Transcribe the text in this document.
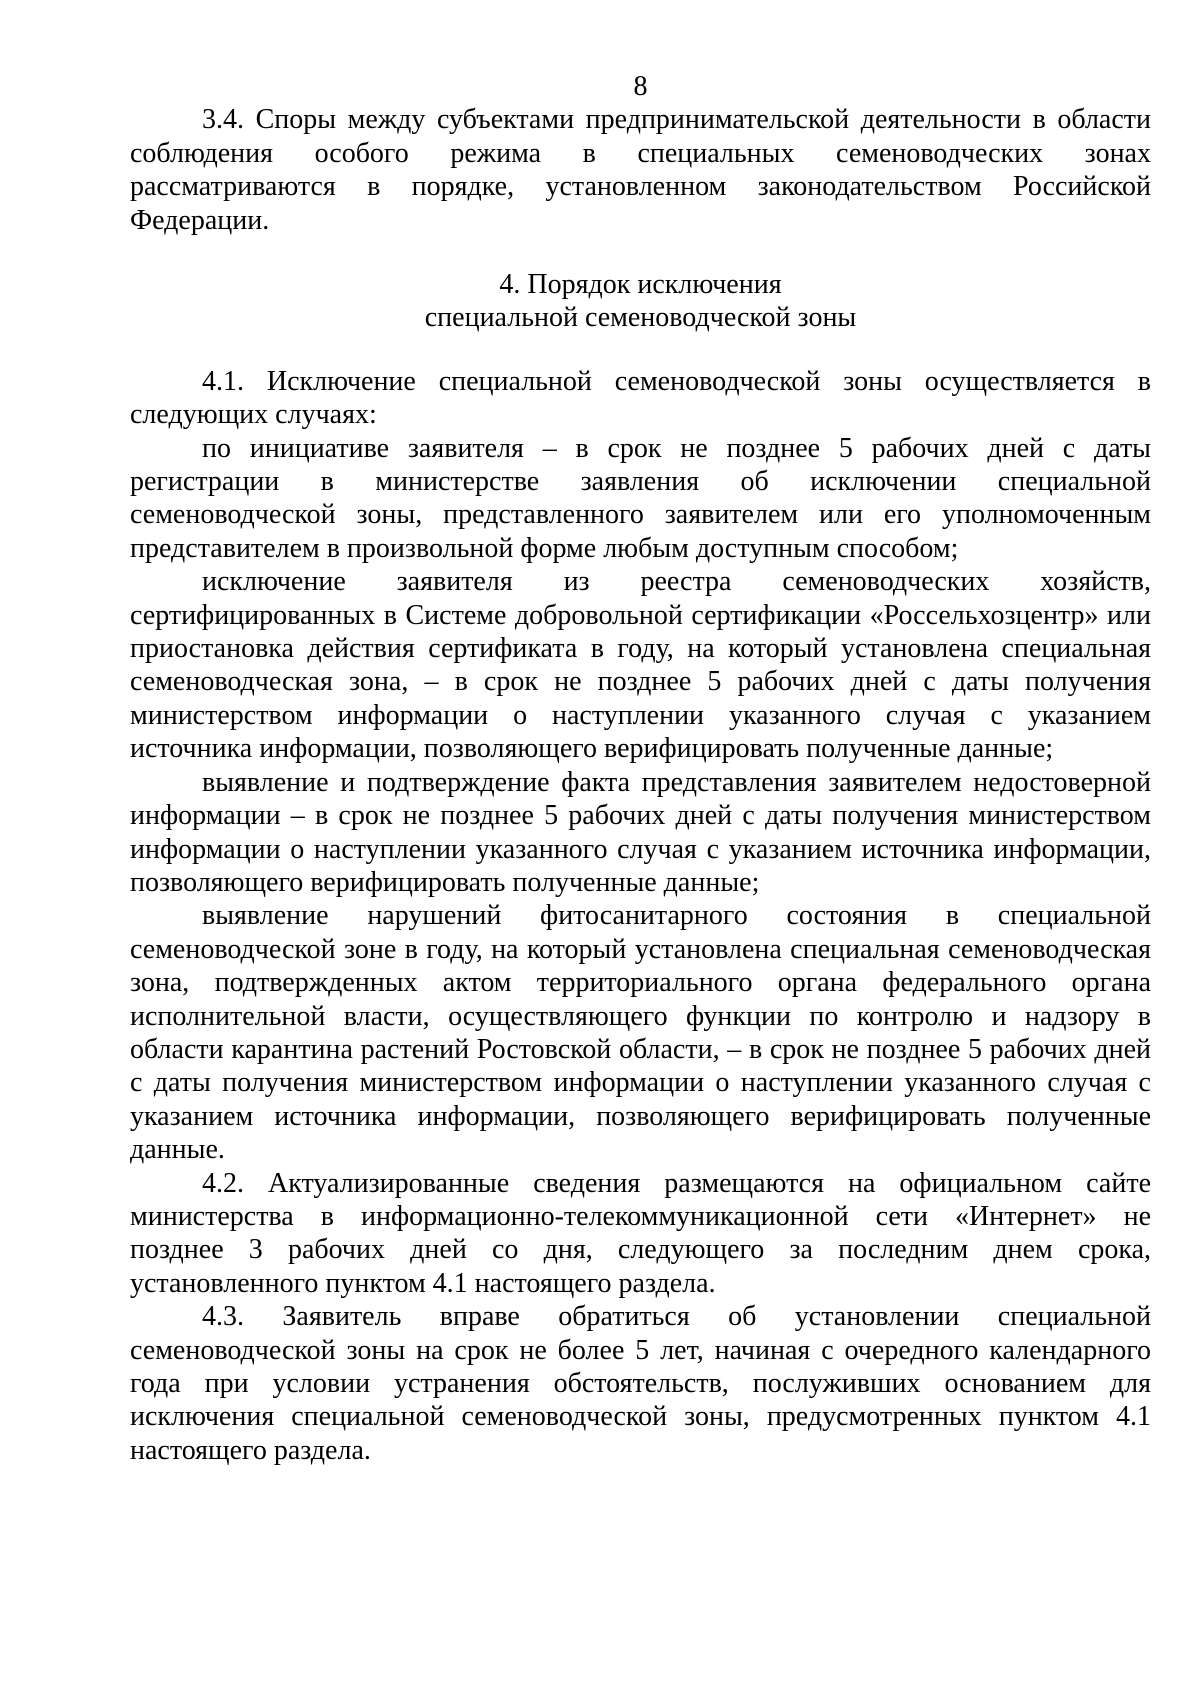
8

3.4. Споры между субъектами предпринимательской деятельности в области соблюдения особого режима в специальных семеноводческих зонах рассматриваются в порядке, установленном законодательством Российской Федерации.

4. Порядок исключения

специальной семеноводческой зоны

4.1. Исключение специальной семеноводческой зоны осуществляется в следующих случаях:

по инициативе заявителя – в срок не позднее 5 рабочих дней с даты регистрации в министерстве заявления об исключении специальной семеноводческой зоны, представленного заявителем или его уполномоченным представителем в произвольной форме любым доступным способом;

исключение заявителя из реестра семеноводческих хозяйств, сертифицированных в Системе добровольной сертификации «Россельхозцентр» или приостановка действия сертификата в году, на который установлена специальная семеноводческая зона, – в срок не позднее 5 рабочих дней с даты получения министерством информации о наступлении указанного случая с указанием источника информации, позволяющего верифицировать полученные данные;

выявление и подтверждение факта представления заявителем недостоверной информации – в срок не позднее 5 рабочих дней с даты получения министерством информации о наступлении указанного случая с указанием источника информации, позволяющего верифицировать полученные данные;

выявление нарушений фитосанитарного состояния в специальной семеноводческой зоне в году, на который установлена специальная семеноводческая зона, подтвержденных актом территориального органа федерального органа исполнительной власти, осуществляющего функции по контролю и надзору в области карантина растений Ростовской области, – в срок не позднее 5 рабочих дней с даты получения министерством информации о наступлении указанного случая с указанием источника информации, позволяющего верифицировать полученные данные.

4.2. Актуализированные сведения размещаются на официальном сайте министерства в информационно-телекоммуникационной сети «Интернет» не позднее 3 рабочих дней со дня, следующего за последним днем срока, установленного пунктом 4.1 настоящего раздела.

4.3. Заявитель вправе обратиться об установлении специальной семеноводческой зоны на срок не более 5 лет, начиная с очередного календарного года при условии устранения обстоятельств, послуживших основанием для исключения специальной семеноводческой зоны, предусмотренных пунктом 4.1 настоящего раздела.
